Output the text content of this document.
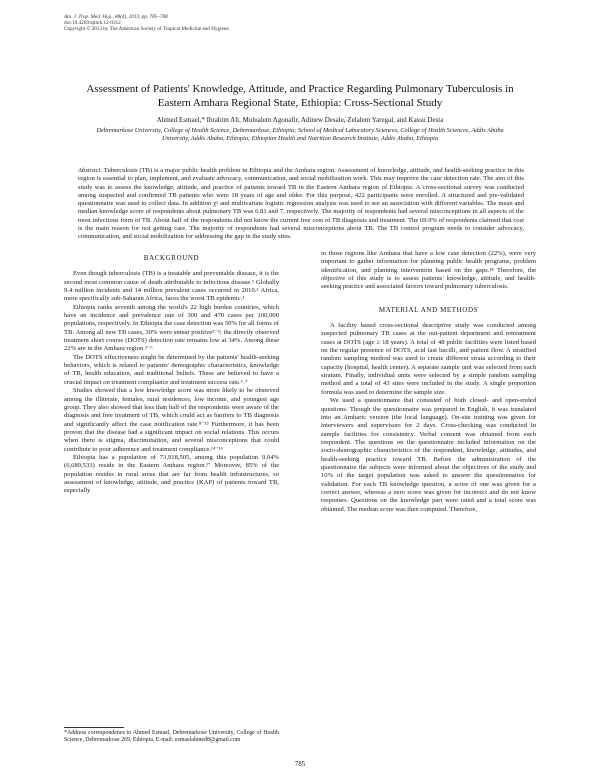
Am. J. Trop. Med. Hyg., 88(4), 2013, pp. 785–788
doi:10.4269/ajtmh.12-0312
Copyright © 2013 by The American Society of Tropical Medicine and Hygiene
Assessment of Patients' Knowledge, Attitude, and Practice Regarding Pulmonary Tuberculosis in Eastern Amhara Regional State, Ethiopia: Cross-Sectional Study
Ahmed Esmael,* Ibrahim Ali, Mulualem Agonafir, Adinew Desale, Zelalem Yaregal, and Kassu Desta
Debremarkose University, College of Health Science, Debremarkose, Ethiopia; School of Medical Laboratory Sciences, College of Health Sciences, Addis Ababa University, Addis Ababa, Ethiopia; Ethiopian Health and Nutrition Research Institute, Addis Ababa, Ethiopia
Abstract. Tuberculosis (TB) is a major public health problem in Ethiopia and the Amhara region. Assessment of knowledge, attitude, and health-seeking practice in this region is essential to plan, implement, and evaluate advocacy, communication, and social mobilization work. This may improve the case detection rate. The aim of this study was to assess the knowledge, attitude, and practice of patients toward TB in the Eastern Amhara region of Ethiopia. A cross-sectional survey was conducted among suspected and confirmed TB patients who were 18 years of age and older. For this purpose, 422 participants were enrolled. A structured and pre-validated questionnaire was used to collect data. In addition χ² and multivariate logistic regression analysis was used to see an association with different variables. The mean and median knowledge score of respondents about pulmonary TB was 6.81 and 7, respectively. The majority of respondents had several misconceptions in all aspects of the most infectious form of TB. About half of the respondents did not know the current free cost of TB diagnosis and treatment. The 69.9% of respondents claimed that cost is the main reason for not getting care. The majority of respondents had several misconceptions about TB. The TB control program needs to consider advocacy, communication, and social mobilization for addressing the gap in the study sites.
BACKGROUND

Even though tuberculosis (TB) is a treatable and preventable disease, it is the second most common cause of death attributable to infectious disease.¹ Globally 9.4 million incidents and 14 million prevalent cases occurred in 2010.² Africa, more specifically sub-Saharan Africa, faces the worst TB epidemic.¹

Ethiopia ranks seventh among the world's 22 high burden countries, which have an incidence and prevalence rate of 300 and 470 cases per 100,000 populations, respectively. In Ethiopia the case detection was 50% for all forms of TB. Among all new TB cases, 30% were smear positive³⁻⁵; the directly observed treatment short course (DOTS) detection rate remains low at 34%. Among these 22% are in the Amhara region.³⁻⁶

The DOTS effectiveness might be determined by the patients' health-seeking behaviors, which is related to patients' demographic characteristics, knowledge of TB, health education, and traditional beliefs. These are believed to have a crucial impact on treatment compliance and treatment success rate.⁶˒⁷

Studies showed that a low knowledge score was more likely to be observed among the illiterate, females, rural residences, low income, and youngest age group. They also showed that less than half of the respondents were aware of the diagnosis and free treatment of TB, which could act as barriers to TB diagnosis and significantly affect the case notification rate.⁸⁻¹³ Furthermore, it has been proven that the disease had a significant impact on social relations. This occurs when there is stigma, discrimination, and several misconceptions that could contribute to poor adherence and treatment compliance.¹⁴⁻¹⁶

Ethiopia has a population of 73,918,505, among this population 9.04% (6,689,533) reside in the Eastern Amhara region.¹⁷ Moreover, 85% of the population resides in rural areas that are far from health infrastructures, so assessment of knowledge, attitude, and practice (KAP) of patients toward TB, especially

in those regions like Amhara that have a low case detection (22%), were very important to gather information for planning public health programs, problem identification, and planning intervention based on the gaps.¹⁸ Therefore, the objective of this study is to assess patients' knowledge, attitude, and health-seeking practice and associated factors toward pulmonary tuberculosis.

MATERIAL AND METHODS

A facility based cross-sectional descriptive study was conducted among suspected pulmonary TB cases at the out-patient department and retreatment cases at DOTS (age ≥ 18 years). A total of 48 public facilities were listed based on the regular presence of DOTS, acid fast bacilli, and patient flow. A stratified random sampling method was used to create different strata according to their capacity (hospital, health center). A separate sample unit was selected from each stratum. Finally, individual units were selected by a simple random sampling method and a total of 43 sites were included in the study. A single proportion formula was used to determine the sample size.

We used a questionnaire that consisted of both closed- and open-ended questions. Though the questionnaire was prepared in English, it was translated into an Amharic version (the local language). On-site training was given for interviewers and supervisors for 2 days. Cross-checking was conducted in sample facilities for consistency. Verbal consent was obtained from each respondent. The questions on the questionnaire included information on the socio-demographic characteristics of the respondent, knowledge, attitudes, and health-seeking practice toward TB. Before the administration of the questionnaire the subjects were informed about the objectives of the study and 10% of the target population was asked to answer the questionnaires for validation. For each TB knowledge question, a score of one was given for a correct answer, whereas a zero score was given for incorrect and do not know responses. Questions on the knowledge part were rated and a total score was obtained. The median score was then computed. Therefore,

*Address correspondence to Ahmed Esmael, Debremarkose University, College of Health Science, Debremarkose 269, Ethiopia. E-mail: esmaelahmed8@gmail.com
785
